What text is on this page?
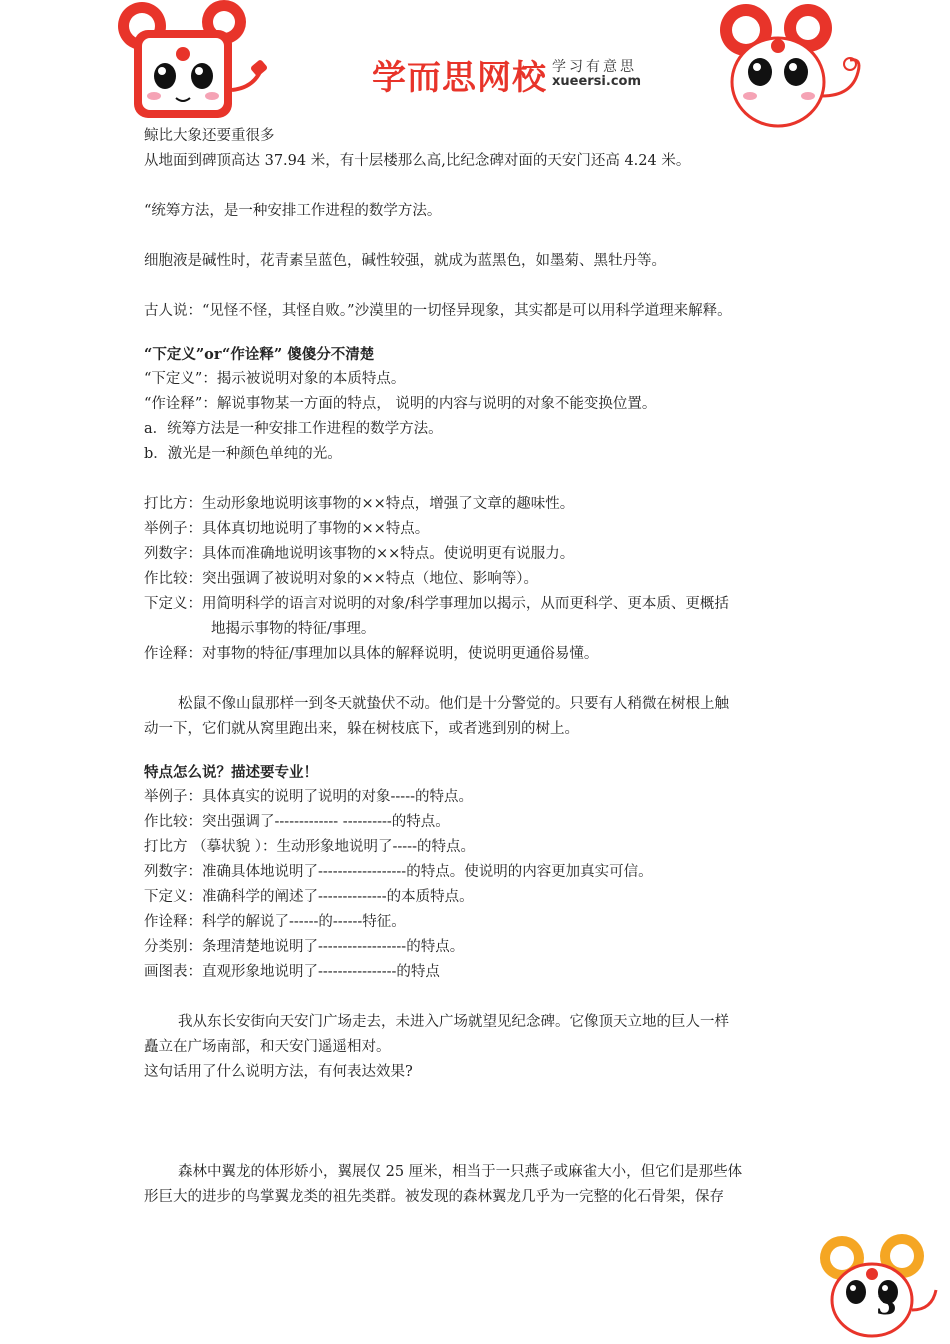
学而思网校 学习有意思
xueersi.com
鲸比大象还要重很多
从地面到碑顶高达 37.94 米，有十层楼那么高,比纪念碑对面的天安门还高 4.24 米。
“统筹方法，是一种安排工作进程的数学方法。
细胞液是碱性时，花青素呈蓝色，碱性较强，就成为蓝黑色，如墨菊、黑牡丹等。
古人说：“见怪不怪，其怪自败。”沙漠里的一切怪异现象，其实都是可以用科学道理来解释。
“下定义”or“作诠释” 傻傻分不清楚
“下定义”：揭示被说明对象的本质特点。
“作诠释”：解说事物某一方面的特点， 说明的内容与说明的对象不能变换位置。
a．统筹方法是一种安排工作进程的数学方法。
b．激光是一种颜色单纯的光。
打比方：生动形象地说明该事物的××特点，增强了文章的趣味性。
举例子：具体真切地说明了事物的××特点。
列数字：具体而准确地说明该事物的××特点。使说明更有说服力。
作比较：突出强调了被说明对象的××特点（地位、影响等）。
下定义：用简明科学的语言对说明的对象/科学事理加以揭示，从而更科学、更本质、更概括
地揭示事物的特征/事理。
作诠释：对事物的特征/事理加以具体的解释说明，使说明更通俗易懂。
松鼠不像山鼠那样一到冬天就蛰伏不动。他们是十分警觉的。只要有人稍微在树根上触
动一下，它们就从窝里跑出来，躲在树枝底下，或者逃到别的树上。
特点怎么说？描述要专业！
举例子：具体真实的说明了说明的对象-----的特点。
作比较：突出强调了------------- ----------的特点。
打比方 （摹状貌 ）：生动形象地说明了-----的特点。
列数字：准确具体地说明了------------------的特点。使说明的内容更加真实可信。
下定义：准确科学的阐述了--------------的本质特点。
作诠释：科学的解说了------的------特征。
分类别：条理清楚地说明了------------------的特点。
画图表：直观形象地说明了----------------的特点
我从东长安街向天安门广场走去，未进入广场就望见纪念碑。它像顶天立地的巨人一样
矗立在广场南部，和天安门遥遥相对。
这句话用了什么说明方法，有何表达效果?
森林中翼龙的体形娇小，翼展仅 25 厘米，相当于一只燕子或麻雀大小，但它们是那些体
形巨大的进步的鸟掌翼龙类的祖先类群。被发现的森林翼龙几乎为一完整的化石骨架，保存
3
